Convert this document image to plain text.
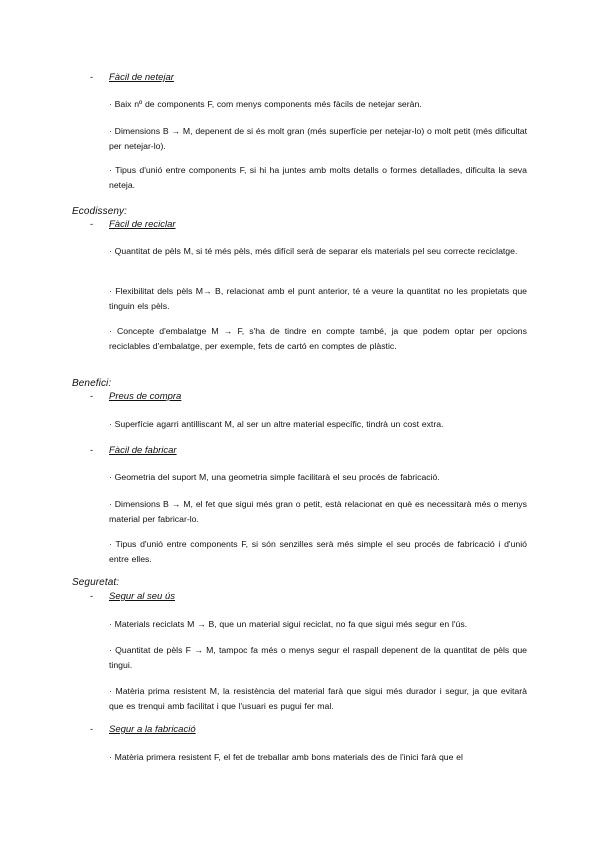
- Fàcil de netejar
· Baix nº de components F, com menys components més fàcils de netejar seràn.
· Dimensions B → M, depenent de si és molt gran (més superfície per netejar-lo) o molt petit (més dificultat per netejar-lo).
· Tipus d'unió entre components F, si hi ha juntes amb molts detalls o formes detallades, dificulta la seva neteja.
Ecodisseny:
- Fàcil de reciclar
· Quantitat de pèls M, si té més pèls, més difícil serà de separar els materials pel seu correcte reciclatge.
· Flexibilitat dels pèls M→ B, relacionat amb el punt anterior, té a veure la quantitat no les propietats que tinguin els pèls.
· Concepte d'embalatge M → F, s'ha de tindre en compte també, ja que podem optar per opcions reciclables d'embalatge, per exemple, fets de cartó en comptes de plàstic.
Benefici:
- Preus de compra
· Superfície agarri antilliscant M, al ser un altre material específic, tindrà un cost extra.
- Fàcil de fabricar
· Geometria del suport M, una geometria simple facilitarà el seu procés de fabricació.
· Dimensions B → M, el fet que sigui més gran o petit, està relacionat en què es necessitarà més o menys material per fabricar-lo.
· Tipus d'unió entre components F, si són senzilles serà més simple el seu procés de fabricació i d'unió entre elles.
Seguretat:
- Segur al seu ús
· Materials reciclats M → B, que un material sigui reciclat, no fa que sigui més segur en l'ús.
· Quantitat de pèls F → M, tampoc fa més o menys segur el raspall depenent de la quantitat de pèls que tingui.
· Matèria prima resistent M, la resistència del material farà que sigui més durador i segur, ja que evitarà que es trenqui amb facilitat i que l'usuari es pugui fer mal.
- Segur a la fabricació
· Matèria primera resistent F, el fet de treballar amb bons materials des de l'inici farà que el
